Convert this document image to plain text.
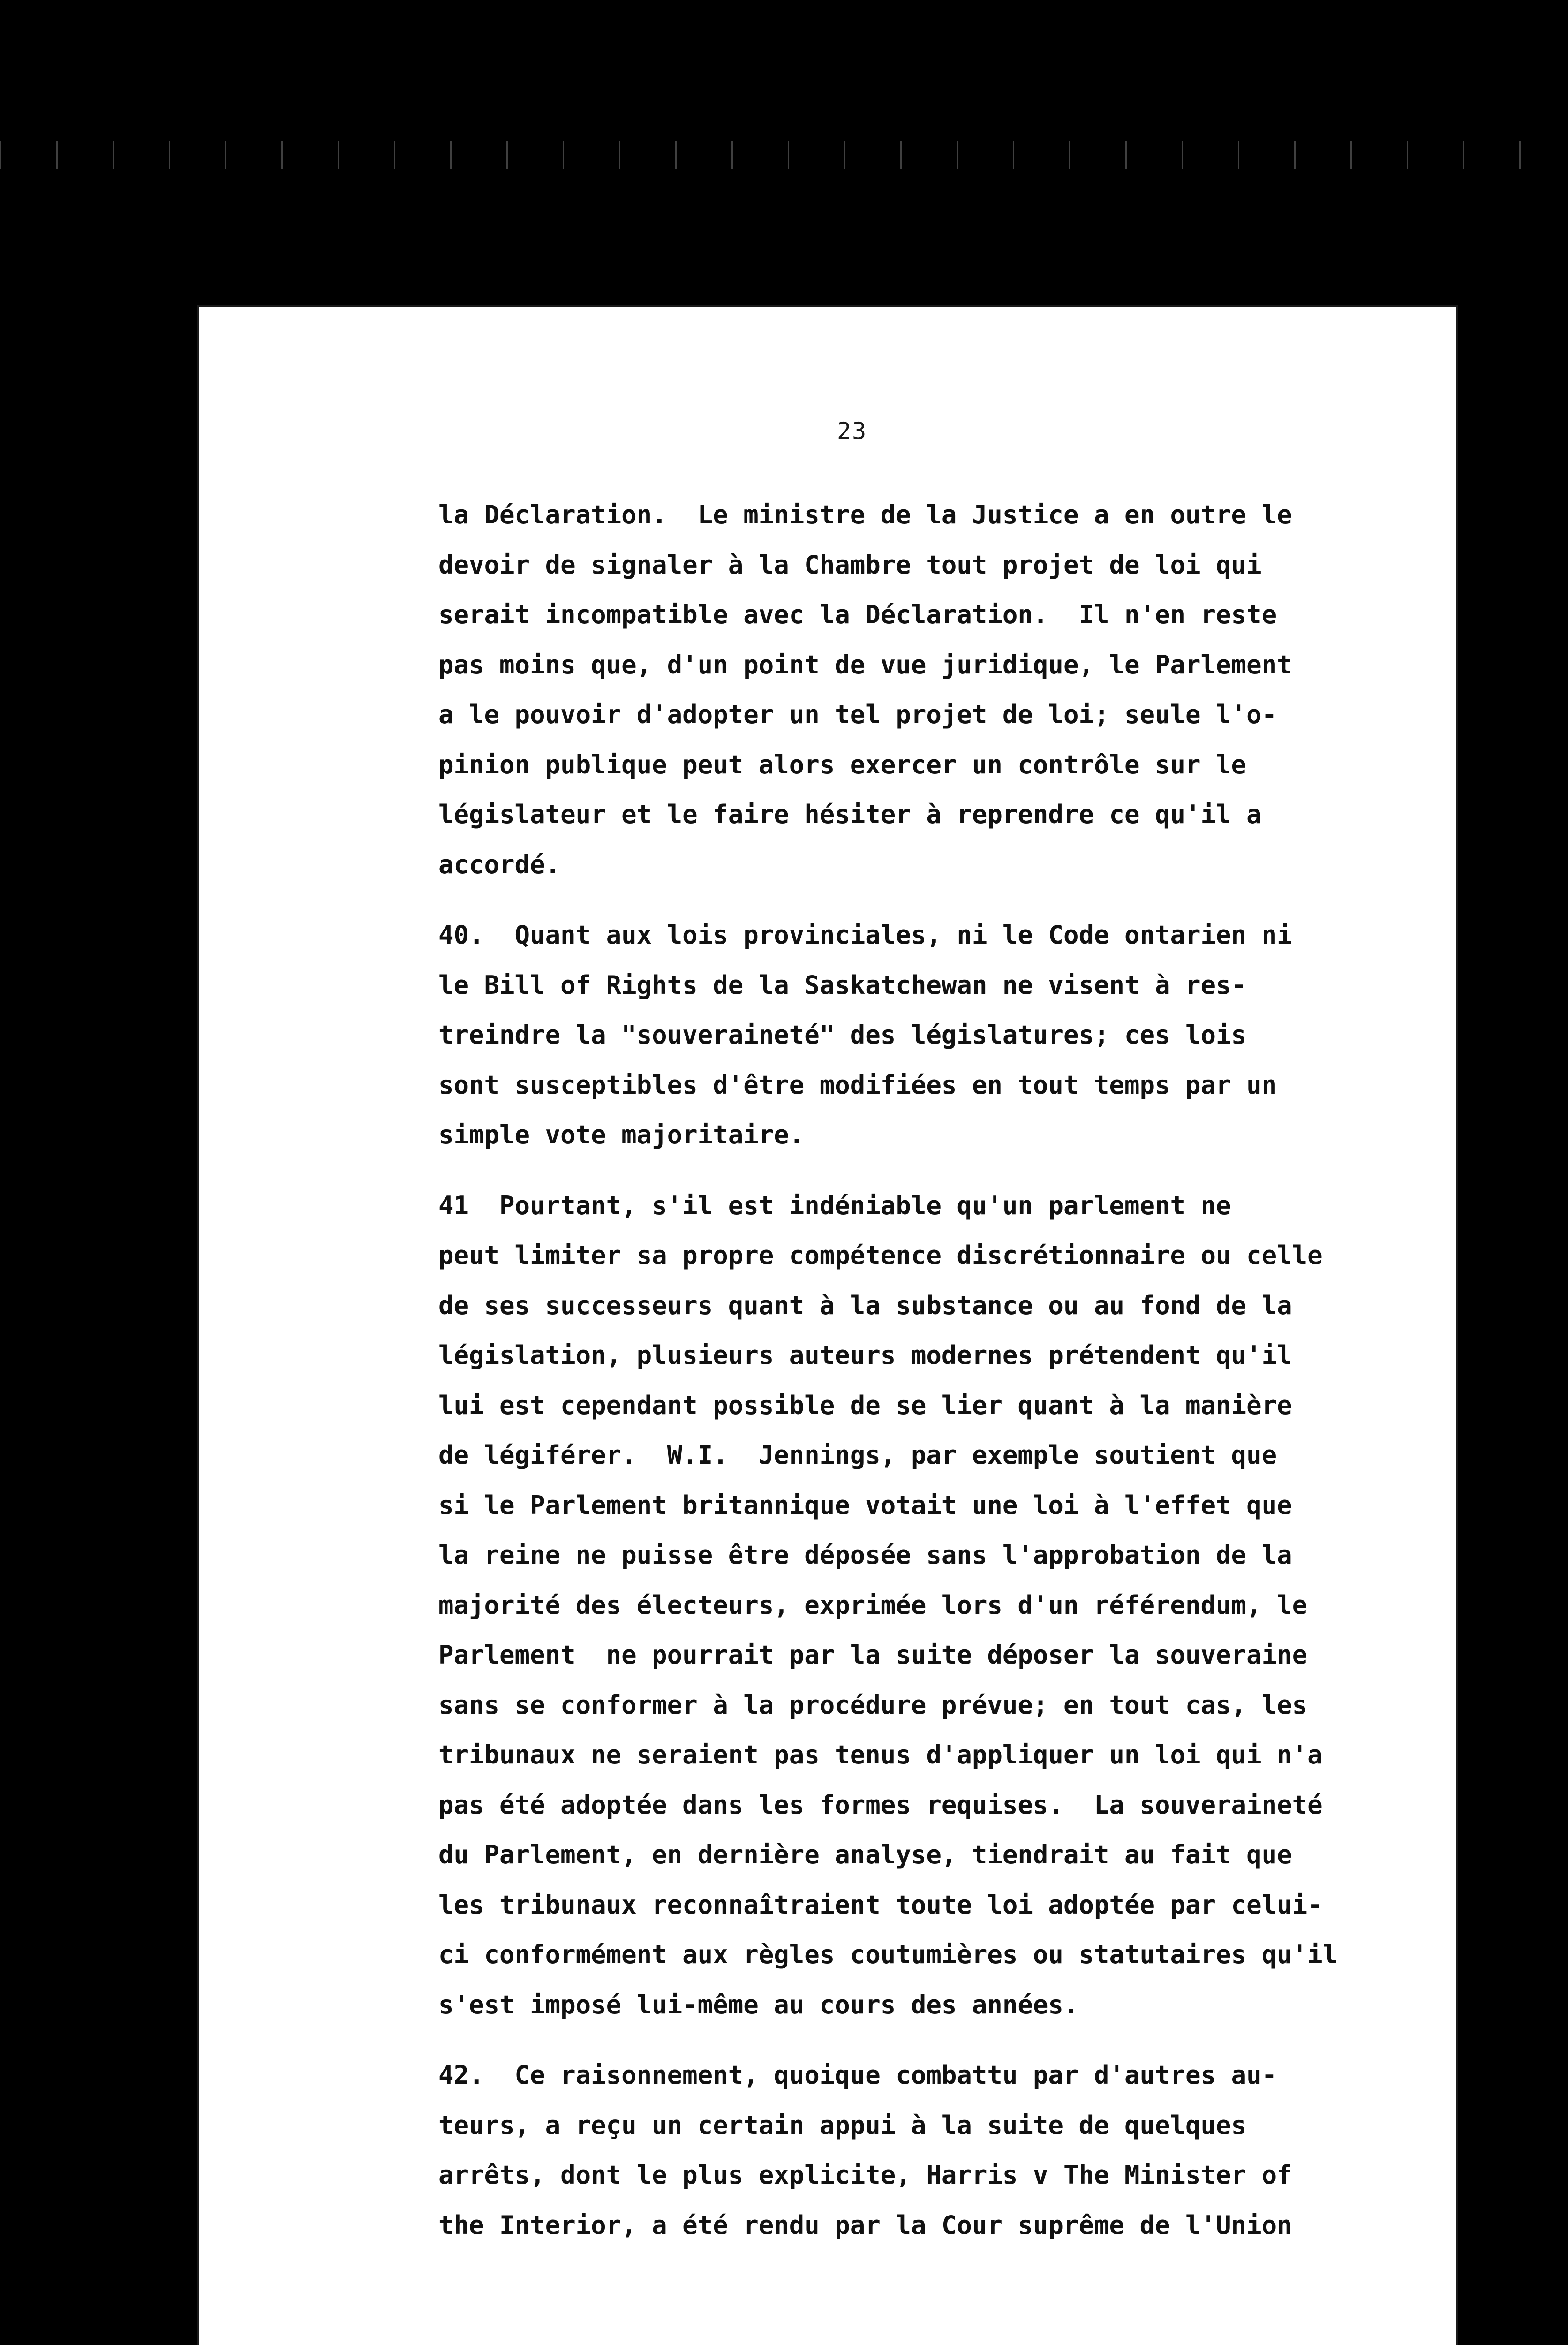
23
la Déclaration.  Le ministre de la Justice a en outre le
devoir de signaler à la Chambre tout projet de loi qui
serait incompatible avec la Déclaration.  Il n'en reste
pas moins que, d'un point de vue juridique, le Parlement
a le pouvoir d'adopter un tel projet de loi; seule l'o-
pinion publique peut alors exercer un contrôle sur le
législateur et le faire hésiter à reprendre ce qu'il a
accordé.
40.  Quant aux lois provinciales, ni le Code ontarien ni
le Bill of Rights de la Saskatchewan ne visent à res-
treindre la "souveraineté" des législatures; ces lois
sont susceptibles d'être modifiées en tout temps par un
simple vote majoritaire.
41  Pourtant, s'il est indéniable qu'un parlement ne
peut limiter sa propre compétence discrétionnaire ou celle
de ses successeurs quant à la substance ou au fond de la
législation, plusieurs auteurs modernes prétendent qu'il
lui est cependant possible de se lier quant à la manière
de légiférer.  W.I.  Jennings, par exemple soutient que
si le Parlement britannique votait une loi à l'effet que
la reine ne puisse être déposée sans l'approbation de la
majorité des électeurs, exprimée lors d'un référendum, le
Parlement  ne pourrait par la suite déposer la souveraine
sans se conformer à la procédure prévue; en tout cas, les
tribunaux ne seraient pas tenus d'appliquer un loi qui n'a
pas été adoptée dans les formes requises.  La souveraineté
du Parlement, en dernière analyse, tiendrait au fait que
les tribunaux reconnaîtraient toute loi adoptée par celui-
ci conformément aux règles coutumières ou statutaires qu'il
s'est imposé lui-même au cours des années.
42.  Ce raisonnement, quoique combattu par d'autres au-
teurs, a reçu un certain appui à la suite de quelques
arrêts, dont le plus explicite, Harris v The Minister of
the Interior, a été rendu par la Cour suprême de l'Union
